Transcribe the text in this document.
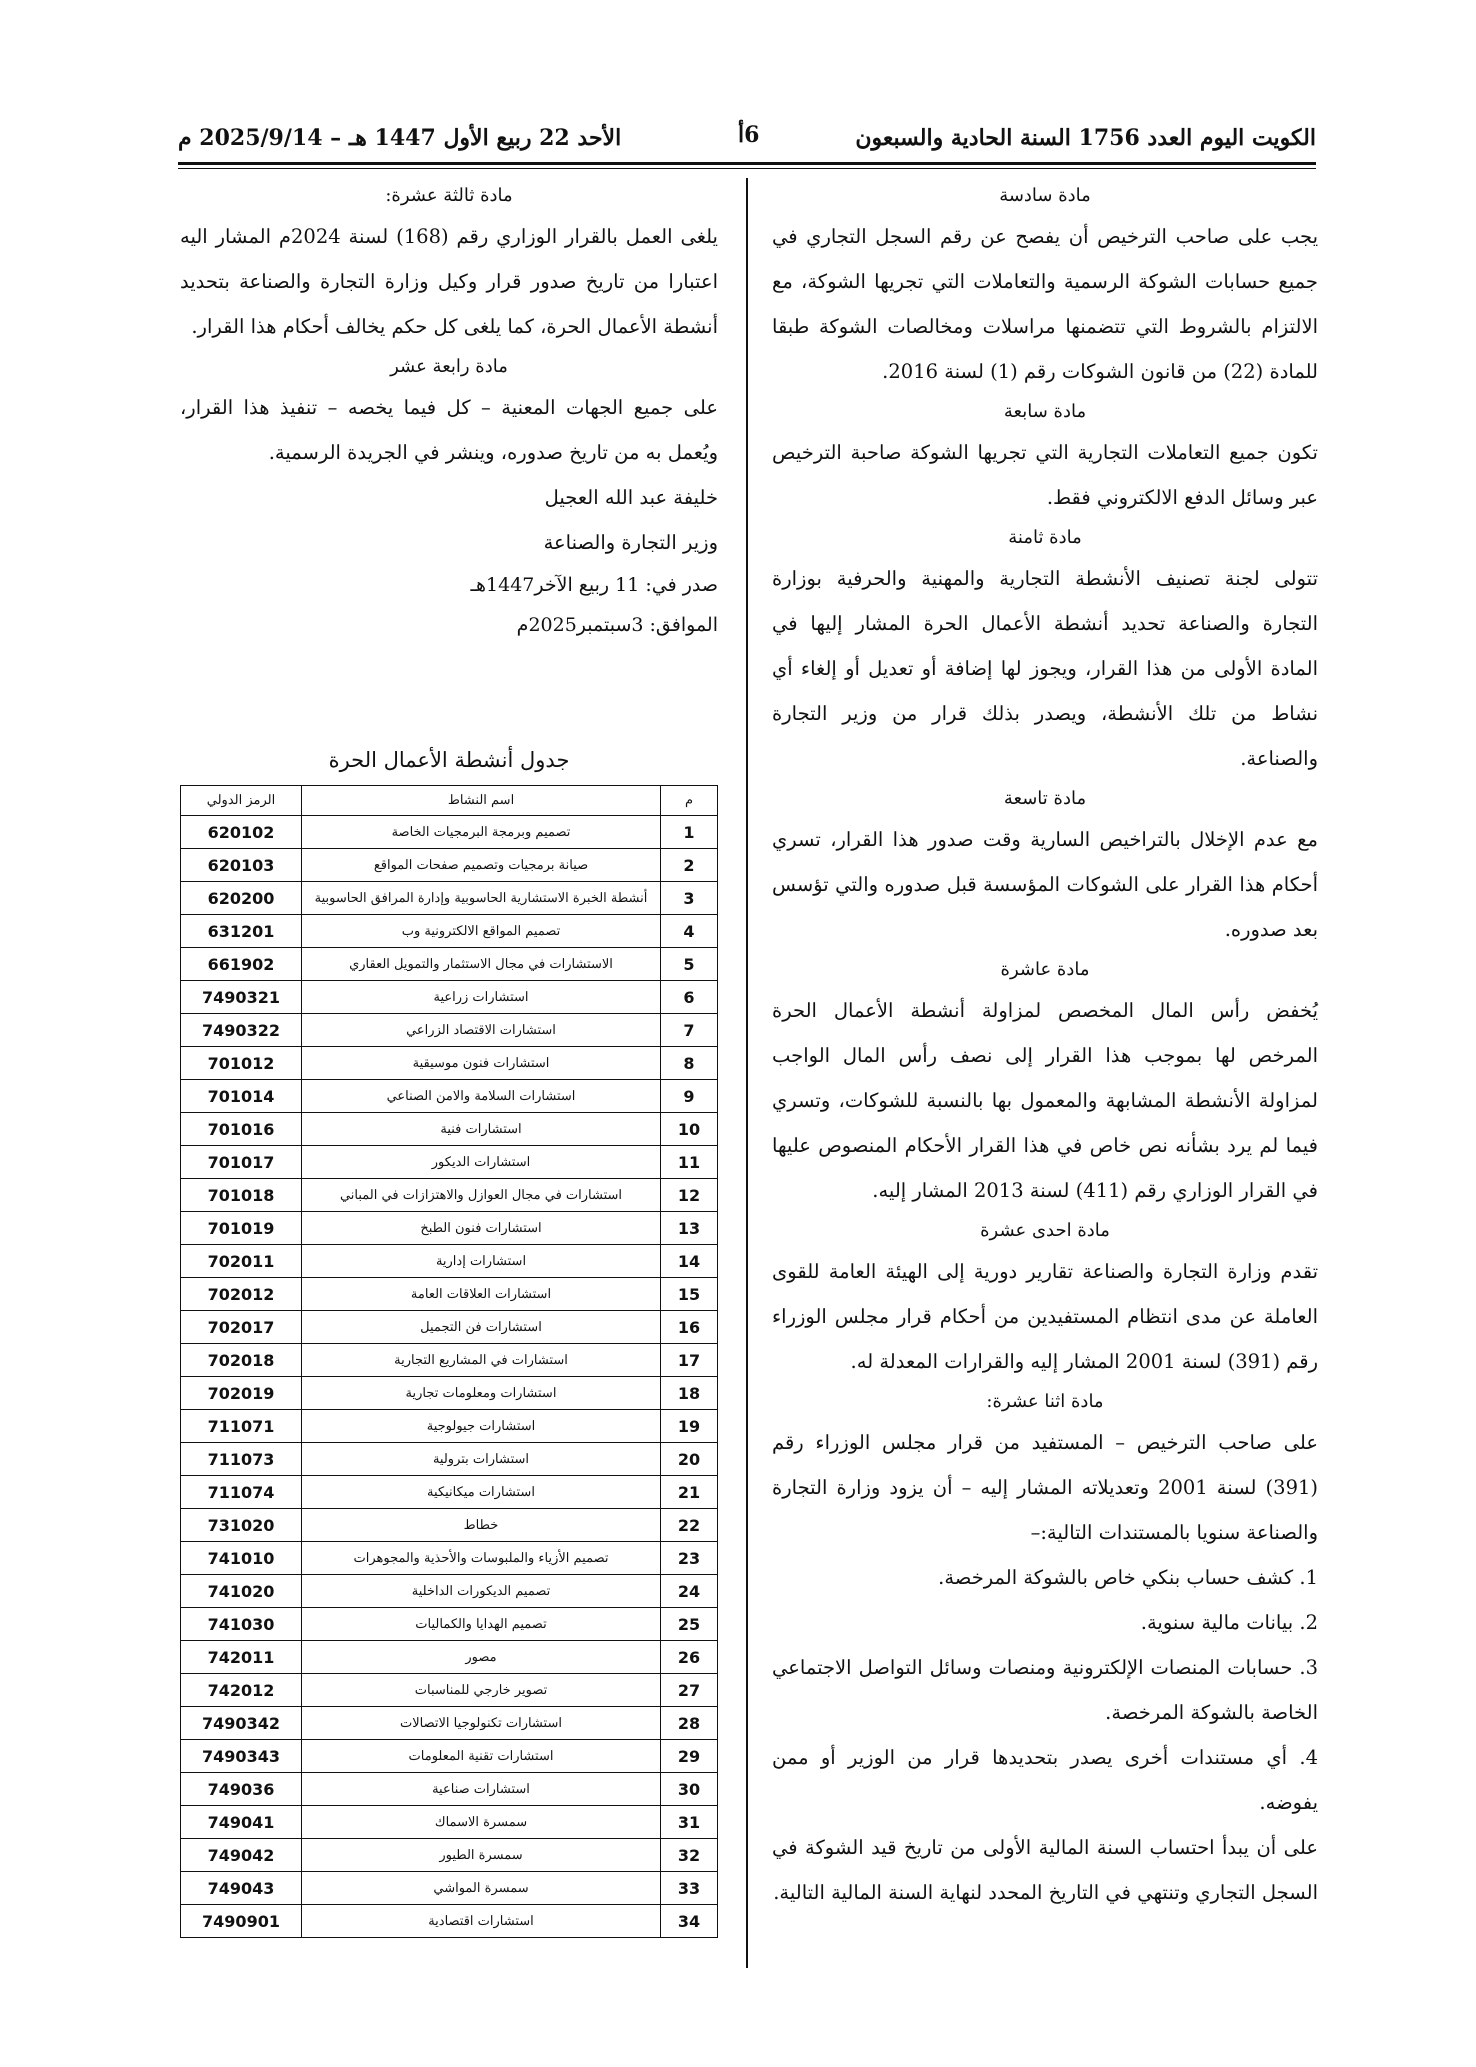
الكويت اليوم العدد 1756 السنة الحادية والسبعون
6أ
الأحد 22 ربيع الأول 1447 هـ – 2025/9/14 م
مادة سادسة
يجب على صاحب الترخيص أن يفصح عن رقم السجل التجاري في جميع حسابات الشوكة الرسمية والتعاملات التي تجريها الشوكة، مع الالتزام بالشروط التي تتضمنها مراسلات ومخالصات الشوكة طبقا للمادة (22) من قانون الشوكات رقم (1) لسنة 2016.
مادة سابعة
تكون جميع التعاملات التجارية التي تجريها الشوكة صاحبة الترخيص عبر وسائل الدفع الالكتروني فقط.
مادة ثامنة
تتولى لجنة تصنيف الأنشطة التجارية والمهنية والحرفية بوزارة التجارة والصناعة تحديد أنشطة الأعمال الحرة المشار إليها في المادة الأولى من هذا القرار، ويجوز لها إضافة أو تعديل أو إلغاء أي نشاط من تلك الأنشطة، ويصدر بذلك قرار من وزير التجارة والصناعة.
مادة تاسعة
مع عدم الإخلال بالتراخيص السارية وقت صدور هذا القرار، تسري أحكام هذا القرار على الشوكات المؤسسة قبل صدوره والتي تؤسس بعد صدوره.
مادة عاشرة
يُخفض رأس المال المخصص لمزاولة أنشطة الأعمال الحرة المرخص لها بموجب هذا القرار إلى نصف رأس المال الواجب لمزاولة الأنشطة المشابهة والمعمول بها بالنسبة للشوكات، وتسري فيما لم يرد بشأنه نص خاص في هذا القرار الأحكام المنصوص عليها في القرار الوزاري رقم (411) لسنة 2013 المشار إليه.
مادة احدى عشرة
تقدم وزارة التجارة والصناعة تقارير دورية إلى الهيئة العامة للقوى العاملة عن مدى انتظام المستفيدين من أحكام قرار مجلس الوزراء رقم (391) لسنة 2001 المشار إليه والقرارات المعدلة له.
مادة اثنا عشرة:
على صاحب الترخيص – المستفيد من قرار مجلس الوزراء رقم (391) لسنة 2001 وتعديلاته المشار إليه – أن يزود وزارة التجارة والصناعة سنويا بالمستندات التالية:–
1. كشف حساب بنكي خاص بالشوكة المرخصة.
2. بيانات مالية سنوية.
3. حسابات المنصات الإلكترونية ومنصات وسائل التواصل الاجتماعي الخاصة بالشوكة المرخصة.
4. أي مستندات أخرى يصدر بتحديدها قرار من الوزير أو ممن يفوضه.
على أن يبدأ احتساب السنة المالية الأولى من تاريخ قيد الشوكة في السجل التجاري وتنتهي في التاريخ المحدد لنهاية السنة المالية التالية.
مادة ثالثة عشرة:
يلغى العمل بالقرار الوزاري رقم (168) لسنة 2024م المشار اليه اعتبارا من تاريخ صدور قرار وكيل وزارة التجارة والصناعة بتحديد أنشطة الأعمال الحرة، كما يلغى كل حكم يخالف أحكام هذا القرار.
مادة رابعة عشر
على جميع الجهات المعنية – كل فيما يخصه – تنفيذ هذا القرار، ويُعمل به من تاريخ صدوره، وينشر في الجريدة الرسمية.
خليفة عبد الله العجيل
وزير التجارة والصناعة
صدر في: 11 ربيع الآخر1447هـ
الموافق: 3سبتمبر2025م
جدول أنشطة الأعمال الحرة
م	اسم النشاط	الرمز الدولي
1	تصميم وبرمجة البرمجيات الخاصة	620102
2	صيانة برمجيات وتصميم صفحات المواقع	620103
3	أنشطة الخبرة الاستشارية الحاسوبية وإدارة المرافق الحاسوبية	620200
4	تصميم المواقع الالكترونية وب	631201
5	الاستشارات في مجال الاستثمار والتمويل العقاري	661902
6	استشارات زراعية	7490321
7	استشارات الاقتصاد الزراعي	7490322
8	استشارات فنون موسيقية	701012
9	استشارات السلامة والامن الصناعي	701014
10	استشارات فنية	701016
11	استشارات الديكور	701017
12	استشارات في مجال العوازل والاهتزازات في المباني	701018
13	استشارات فنون الطبخ	701019
14	استشارات إدارية	702011
15	استشارات العلاقات العامة	702012
16	استشارات فن التجميل	702017
17	استشارات في المشاريع التجارية	702018
18	استشارات ومعلومات تجارية	702019
19	استشارات جيولوجية	711071
20	استشارات بترولية	711073
21	استشارات ميكانيكية	711074
22	خطاط	731020
23	تصميم الأزياء والملبوسات والأحذية والمجوهرات	741010
24	تصميم الديكورات الداخلية	741020
25	تصميم الهدايا والكماليات	741030
26	مصور	742011
27	تصوير خارجي للمناسبات	742012
28	استشارات تكنولوجيا الاتصالات	7490342
29	استشارات تقنية المعلومات	7490343
30	استشارات صناعية	749036
31	سمسرة الاسماك	749041
32	سمسرة الطيور	749042
33	سمسرة المواشي	749043
34	استشارات اقتصادية	7490901
